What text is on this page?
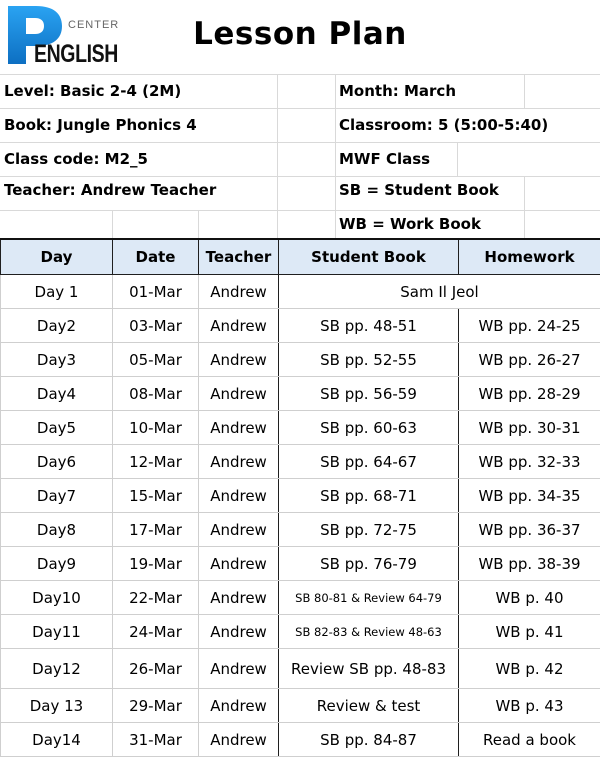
CENTER
ENGLISH
Lesson Plan
Level: Basic 2-4 (2M)	Month: March
Book: Jungle Phonics 4	Classroom: 5 (5:00-5:40)
Class code: M2_5	MWF Class
Teacher: Andrew Teacher	SB = Student Book
WB = Work Book
Day	Date	Teacher	Student Book	Homework
Day 1	01-Mar	Andrew	Sam Il Jeol	
Day2	03-Mar	Andrew	SB pp. 48-51	WB pp. 24-25
Day3	05-Mar	Andrew	SB pp. 52-55	WB pp. 26-27
Day4	08-Mar	Andrew	SB pp. 56-59	WB pp. 28-29
Day5	10-Mar	Andrew	SB pp. 60-63	WB pp. 30-31
Day6	12-Mar	Andrew	SB pp. 64-67	WB pp. 32-33
Day7	15-Mar	Andrew	SB pp. 68-71	WB pp. 34-35
Day8	17-Mar	Andrew	SB pp. 72-75	WB pp. 36-37
Day9	19-Mar	Andrew	SB pp. 76-79	WB pp. 38-39
Day10	22-Mar	Andrew	SB 80-81 & Review 64-79	WB p. 40
Day11	24-Mar	Andrew	SB 82-83 & Review 48-63	WB p. 41
Day12	26-Mar	Andrew	Review SB pp. 48-83	WB p. 42
Day 13	29-Mar	Andrew	Review & test	WB p. 43
Day14	31-Mar	Andrew	SB pp. 84-87	Read a book
